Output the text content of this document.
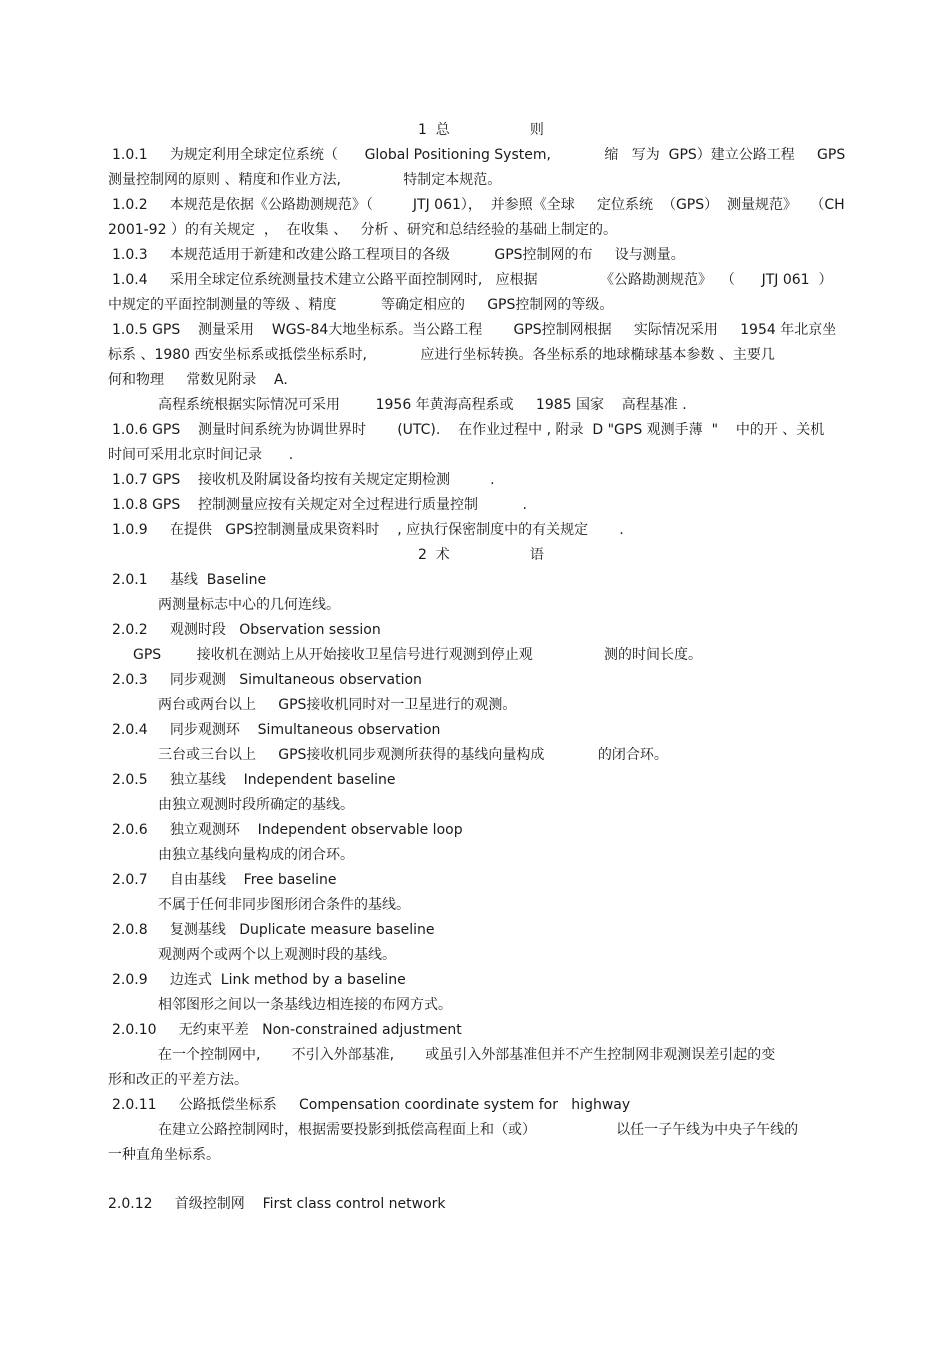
1  总                  则

1.0.1     为规定利用全球定位系统（      Global Positioning System,            缩   写为  GPS）建立公路工程     GPS

测量控制网的原则 、精度和作业方法,              特制定本规范。

1.0.2     本规范是依据《公路勘测规范》（         JTJ 061），  并参照《全球     定位系统  （GPS）  测量规范》   （CH

2001-92 ）的有关规定  ，  在收集 、   分析 、研究和总结经验的基础上制定的。

1.0.3     本规范适用于新建和改建公路工程项目的各级          GPS控制网的布     设与测量。

1.0.4     采用全球定位系统测量技术建立公路平面控制网时,   应根据              《公路勘测规范》  （      JTJ 061  ）

中规定的平面控制测量的等级 、精度          等确定相应的     GPS控制网的等级。

1.0.5 GPS    测量采用    WGS-84大地坐标系。当公路工程       GPS控制网根据     实际情况采用     1954 年北京坐

标系 、1980 西安坐标系或抵偿坐标系时,            应进行坐标转换。各坐标系的地球椭球基本参数 、主要几

何和物理     常数见附录    A.

高程系统根据实际情况可采用        1956 年黄海高程系或     1985 国家    高程基准 .

1.0.6 GPS    测量时间系统为协调世界时       (UTC).    在作业过程中 , 附录  D "GPS 观测手薄  "    中的开 、关机

时间可采用北京时间记录      .

1.0.7 GPS    接收机及附属设备均按有关规定定期检测         .

1.0.8 GPS    控制测量应按有关规定对全过程进行质量控制          .

1.0.9     在提供   GPS控制测量成果资料时    , 应执行保密制度中的有关规定       .

2  术                  语

2.0.1     基线  Baseline

两测量标志中心的几何连线。

2.0.2     观测时段   Observation session

GPS        接收机在测站上从开始接收卫星信号进行观测到停止观                测的时间长度。

2.0.3     同步观测   Simultaneous observation

两台或两台以上     GPS接收机同时对一卫星进行的观测。

2.0.4     同步观测环    Simultaneous observation

三台或三台以上     GPS接收机同步观测所获得的基线向量构成            的闭合环。

2.0.5     独立基线    Independent baseline

由独立观测时段所确定的基线。

2.0.6     独立观测环    Independent observable loop

由独立基线向量构成的闭合环。

2.0.7     自由基线    Free baseline

不属于任何非同步图形闭合条件的基线。

2.0.8     复测基线   Duplicate measure baseline

观测两个或两个以上观测时段的基线。

2.0.9     边连式  Link method by a baseline

相邻图形之间以一条基线边相连接的布网方式。

2.0.10     无约束平差   Non-constrained adjustment

在一个控制网中,       不引入外部基准,       或虽引入外部基准但并不产生控制网非观测误差引起的变

形和改正的平差方法。

2.0.11     公路抵偿坐标系     Compensation coordinate system for   highway

在建立公路控制网时，根据需要投影到抵偿高程面上和（或）                  以任一子午线为中央子午线的

一种直角坐标系。

2.0.12     首级控制网    First class control network
